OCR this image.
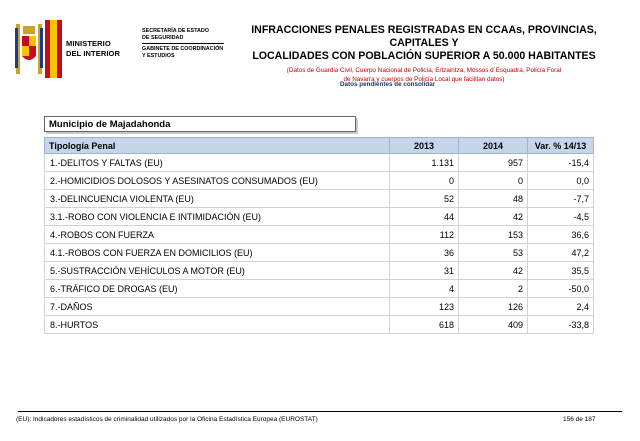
MINISTERIO
DEL INTERIOR
SECRETARÍA DE ESTADO
DE SEGURIDAD
GABINETE DE COORDINACIÓN
Y ESTUDIOS
INFRACCIONES PENALES REGISTRADAS EN CCAAs, PROVINCIAS, CAPITALES Y
LOCALIDADES CON POBLACIÓN SUPERIOR A 50.000 HABITANTES
(Datos de Guardia Civil, Cuerpo Nacional de Policía, Ertzaintza, Mossos d´Esquadra, Policía Foral
de Navarra y cuerpos de Policía Local que facilitan datos)
Datos pendientes de consolidar
Municipio de Majadahonda
Tipología Penal	2013	2014	Var. % 14/13
1.-DELITOS Y FALTAS (EU)	1.131	957	-15,4
2.-HOMICIDIOS DOLOSOS Y ASESINATOS CONSUMADOS (EU)	0	0	0,0
3.-DELINCUENCIA VIOLENTA (EU)	52	48	-7,7
3.1.-ROBO CON VIOLENCIA E INTIMIDACIÓN (EU)	44	42	-4,5
4.-ROBOS CON FUERZA	112	153	36,6
4.1.-ROBOS CON FUERZA EN DOMICILIOS (EU)	36	53	47,2
5.-SUSTRACCIÓN VEHÍCULOS A MOTOR (EU)	31	42	35,5
6.-TRÁFICO DE DROGAS (EU)	4	2	-50,0
7.-DAÑOS	123	126	2,4
8.-HURTOS	618	409	-33,8
(EU): Indicadores estadísticos de criminalidad utilizados por la Oficina Estadística Europea (EUROSTAT)	156 de 187
